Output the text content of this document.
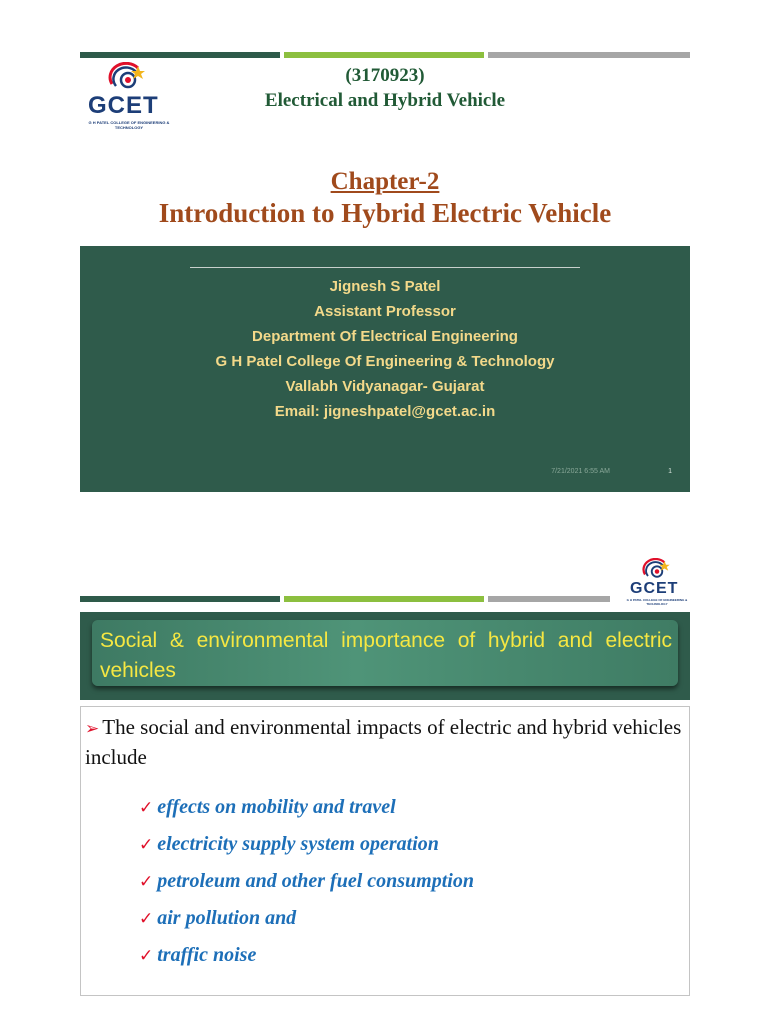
GCET
G H PATEL COLLEGE OF ENGINEERING & TECHNOLOGY
(3170923)
Electrical and Hybrid Vehicle
Chapter-2
Introduction to Hybrid Electric Vehicle
Jignesh S Patel
Assistant Professor
Department Of Electrical Engineering
G H Patel College Of Engineering & Technology
Vallabh Vidyanagar- Gujarat
Email: jigneshpatel@gcet.ac.in
7/21/2021 6:55 AM	1
GCET
G H PATEL COLLEGE OF ENGINEERING & TECHNOLOGY
Social & environmental importance of hybrid and electric vehicles
➢ The social and environmental impacts of electric and hybrid vehicles include
✓ effects on mobility and travel
✓ electricity supply system operation
✓ petroleum and other fuel consumption
✓ air pollution and
✓ traffic noise
